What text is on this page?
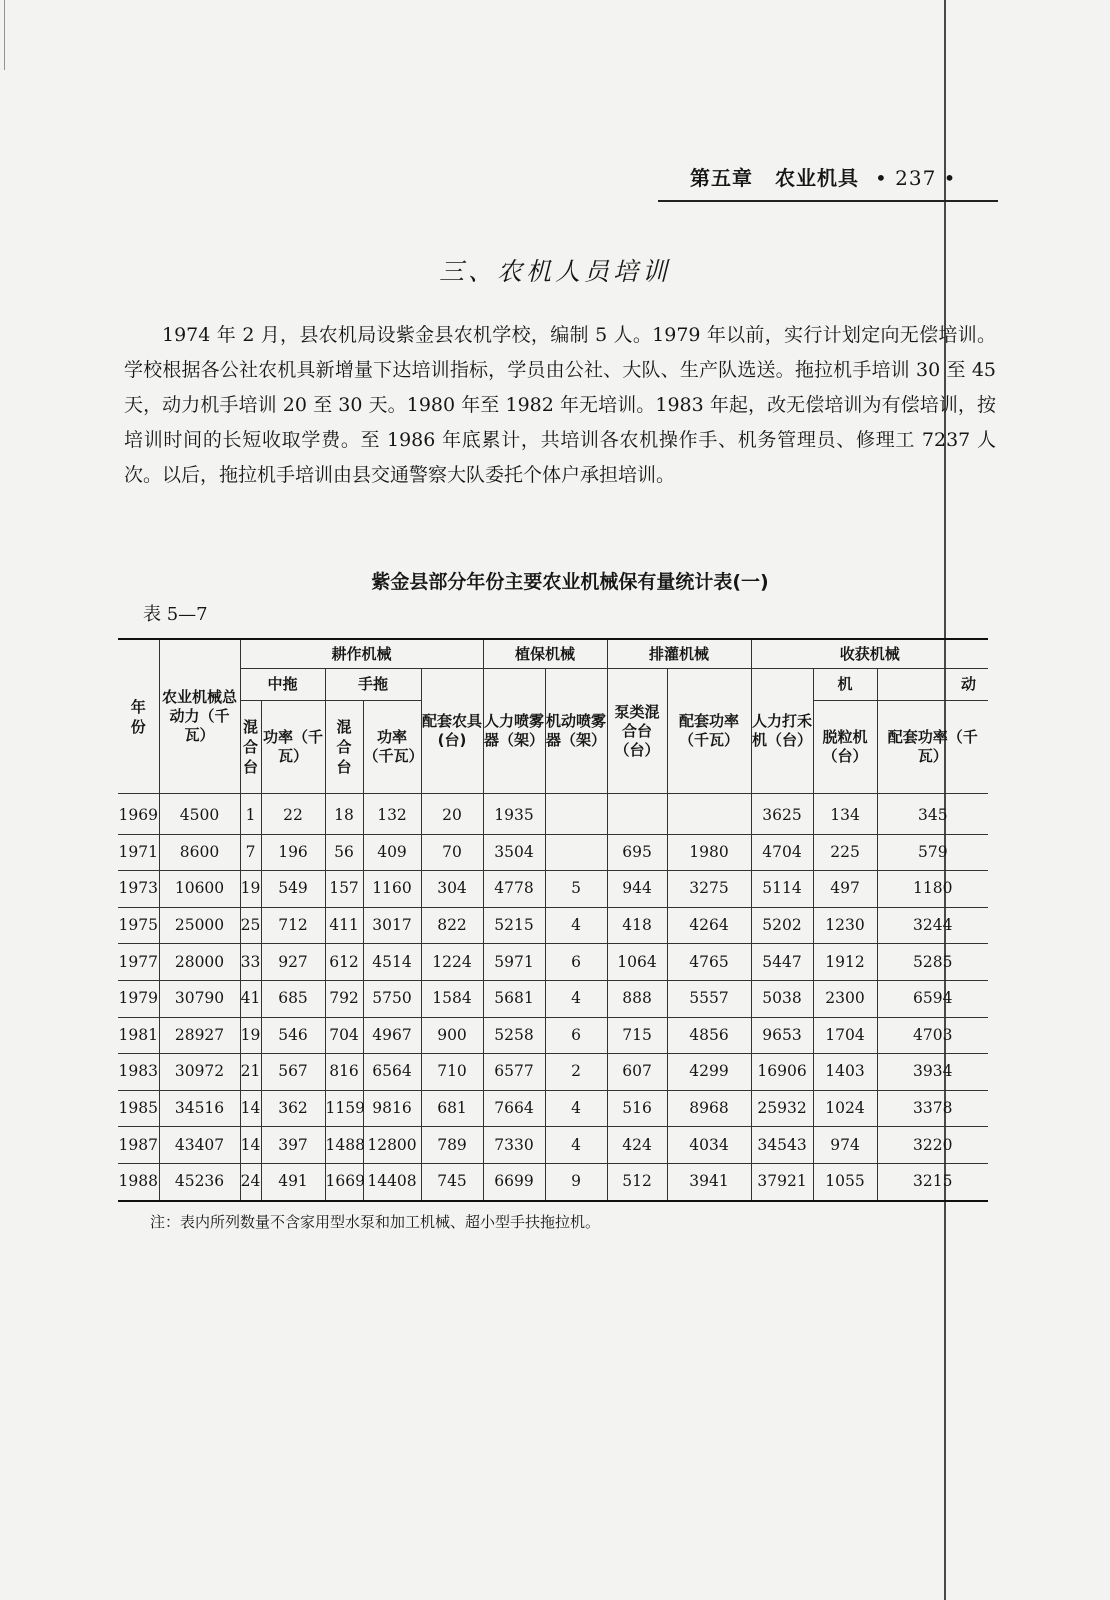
第五章 农业机具 • 237 •
三、农机人员培训

1974 年 2 月，县农机局设紫金县农机学校，编制 5 人。1979 年以前，实行计划定向无偿培训。学校根据各公社农机具新增量下达培训指标，学员由公社、大队、生产队选送。拖拉机手培训 30 至 45 天，动力机手培训 20 至 30 天。1980 年至 1982 年无培训。1983 年起，改无偿培训为有偿培训，按培训时间的长短收取学费。至 1986 年底累计，共培训各农机操作手、机务管理员、修理工 7237 人次。以后，拖拉机手培训由县交通警察大队委托个体户承担培训。

紫金县部分年份主要农业机械保有量统计表(一)
表 5—7
年份	农业机械总动力（千瓦）	耕作机械					植保机械		排灌机械		收获机械		
		中拖		手拖		配套农具(台)	人力喷雾器（架）	机动喷雾器（架）	泵类混合台（台）	配套功率（千瓦）	人力打禾机（台）	机	动
		混合台	功率（千瓦）	混合台	功率（千瓦）							脱粒机（台）	配套功率（千瓦）
1969	4500	1	22	18	132	20	1935				3625	134	345
1971	8600	7	196	56	409	70	3504		695	1980	4704	225	579
1973	10600	19	549	157	1160	304	4778	5	944	3275	5114	497	1180
1975	25000	25	712	411	3017	822	5215	4	418	4264	5202	1230	3244
1977	28000	33	927	612	4514	1224	5971	6	1064	4765	5447	1912	5285
1979	30790	41	685	792	5750	1584	5681	4	888	5557	5038	2300	6594
1981	28927	19	546	704	4967	900	5258	6	715	4856	9653	1704	4703
1983	30972	21	567	816	6564	710	6577	2	607	4299	16906	1403	3934
1985	34516	14	362	1159	9816	681	7664	4	516	8968	25932	1024	3378
1987	43407	14	397	1488	12800	789	7330	4	424	4034	34543	974	3220
1988	45236	24	491	1669	14408	745	6699	9	512	3941	37921	1055	3215
注：表内所列数量不含家用型水泵和加工机械、超小型手扶拖拉机。
